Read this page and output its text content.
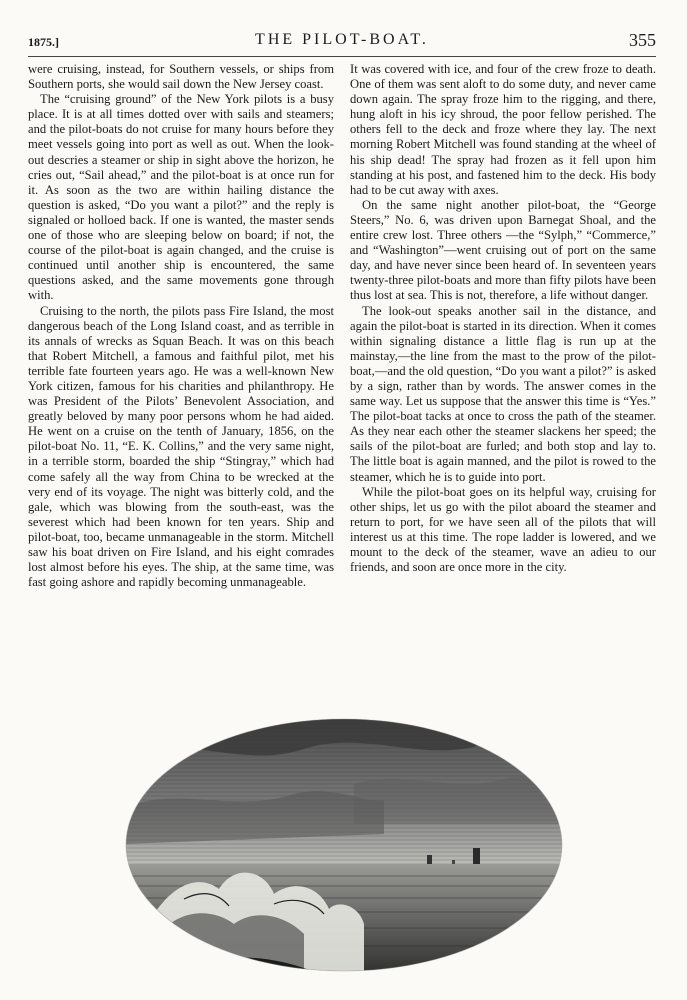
1875.]	THE PILOT-BOAT.	355

were cruising, instead, for Southern vessels, or ships from Southern ports, she would sail down the New Jersey coast.

The “cruising ground” of the New York pilots is a busy place. It is at all times dotted over with sails and steamers; and the pilot-boats do not cruise for many hours before they meet vessels going into port as well as out. When the look-out descries a steamer or ship in sight above the horizon, he cries out, “Sail ahead,” and the pilot-boat is at once run for it. As soon as the two are within hailing distance the question is asked, “Do you want a pilot?” and the reply is signaled or holloed back. If one is wanted, the master sends one of those who are sleeping below on board; if not, the course of the pilot-boat is again changed, and the cruise is continued until another ship is encountered, the same questions asked, and the same movements gone through with.

Cruising to the north, the pilots pass Fire Island, the most dangerous beach of the Long Island coast, and as terrible in its annals of wrecks as Squan Beach. It was on this beach that Robert Mitchell, a famous and faithful pilot, met his terrible fate fourteen years ago. He was a well-known New York citizen, famous for his charities and philanthropy. He was President of the Pilots’ Benevolent Association, and greatly beloved by many poor persons whom he had aided. He went on a cruise on the tenth of January, 1856, on the pilot-boat No. 11, “E. K. Collins,” and the very same night, in a terrible storm, boarded the ship “Stingray,” which had come safely all the way from China to be wrecked at the very end of its voyage. The night was bitterly cold, and the gale, which was blowing from the south-east, was the severest which had been known for ten years. Ship and pilot-boat, too, became unmanageable in the storm. Mitchell saw his boat driven on Fire Island, and his eight comrades lost almost before his eyes. The ship, at the same time, was fast going ashore and rapidly becoming unmanageable.

It was covered with ice, and four of the crew froze to death. One of them was sent aloft to do some duty, and never came down again. The spray froze him to the rigging, and there, hung aloft in his icy shroud, the poor fellow perished. The others fell to the deck and froze where they lay. The next morning Robert Mitchell was found standing at the wheel of his ship dead! The spray had frozen as it fell upon him standing at his post, and fastened him to the deck. His body had to be cut away with axes.

On the same night another pilot-boat, the “George Steers,” No. 6, was driven upon Barnegat Shoal, and the entire crew lost. Three others —the “Sylph,” “Commerce,” and “Washington”—went cruising out of port on the same day, and have never since been heard of. In seventeen years twenty-three pilot-boats and more than fifty pilots have been thus lost at sea. This is not, therefore, a life without danger.

The look-out speaks another sail in the distance, and again the pilot-boat is started in its direction. When it comes within signaling distance a little flag is run up at the mainstay,—the line from the mast to the prow of the pilot-boat,—and the old question, “Do you want a pilot?” is asked by a sign, rather than by words. The answer comes in the same way. Let us suppose that the answer this time is “Yes.” The pilot-boat tacks at once to cross the path of the steamer. As they near each other the steamer slackens her speed; the sails of the pilot-boat are furled; and both stop and lay to. The little boat is again manned, and the pilot is rowed to the steamer, which he is to guide into port.

While the pilot-boat goes on its helpful way, cruising for other ships, let us go with the pilot aboard the steamer and return to port, for we have seen all of the pilots that will interest us at this time. The rope ladder is lowered, and we mount to the deck of the steamer, wave an adieu to our friends, and soon are once more in the city.
